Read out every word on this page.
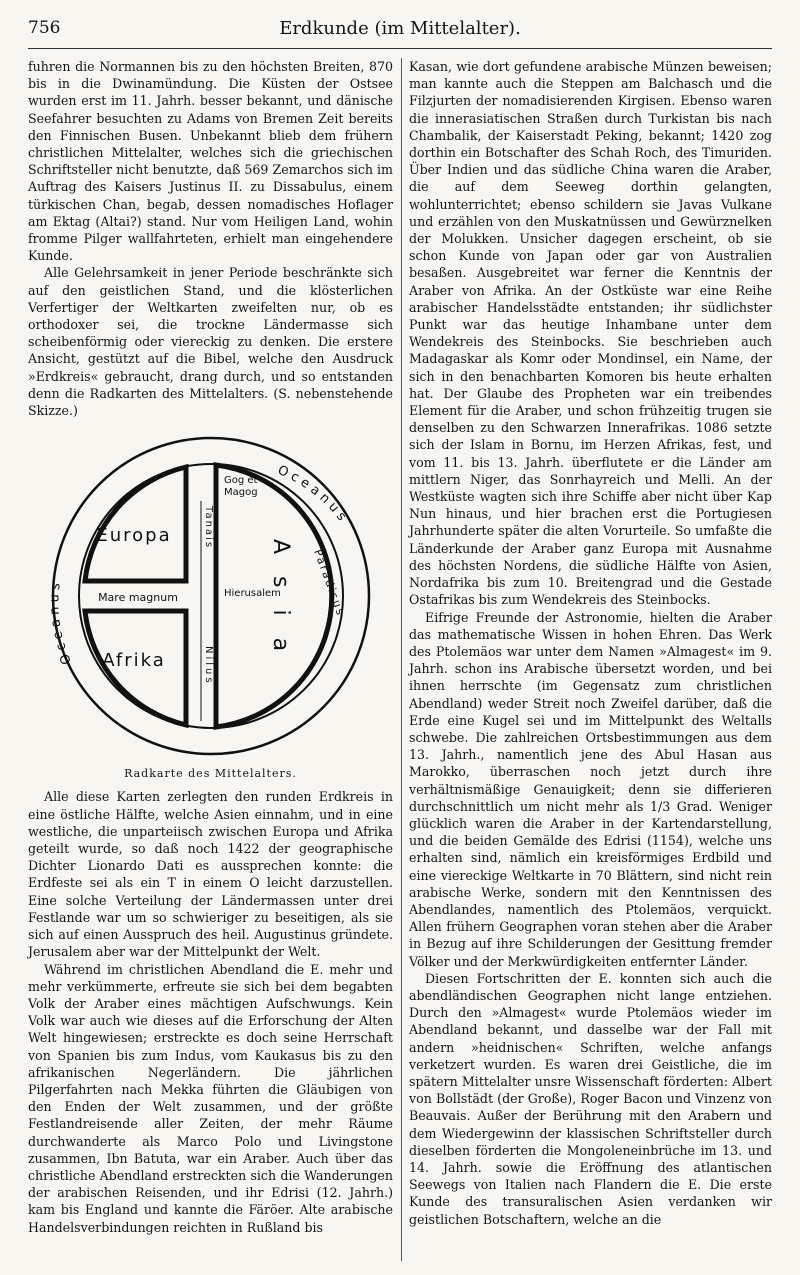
756	Erdkunde (im Mittelalter).

fuhren die Normannen bis zu den höchsten Breiten, 870 bis in die Dwinamündung. Die Küsten der Ostsee wurden erst im 11. Jahrh. besser bekannt, und dänische Seefahrer besuchten zu Adams von Bremen Zeit bereits den Finnischen Busen. Unbekannt blieb dem frühern christlichen Mittelalter, welches sich die griechischen Schriftsteller nicht benutzte, daß 569 Zemarchos sich im Auftrag des Kaisers Justinus II. zu Dissabulus, einem türkischen Chan, begab, dessen nomadisches Hoflager am Ektag (Altai?) stand. Nur vom Heiligen Land, wohin fromme Pilger wallfahrteten, erhielt man eingehendere Kunde.

Alle Gelehrsamkeit in jener Periode beschränkte sich auf den geistlichen Stand, und die klösterlichen Verfertiger der Weltkarten zweifelten nur, ob es orthodoxer sei, die trockne Ländermasse sich scheibenförmig oder viereckig zu denken. Die erstere Ansicht, gestützt auf die Bibel, welche den Ausdruck »Erdkreis« gebraucht, drang durch, und so entstanden denn die Radkarten des Mittelalters. (S. nebenstehende Skizze.)

Oceanus
Oceanus
Europa
Afrika
Mare magnum
Gog et
Magog
Hierusalem
Asia Paradisus
Tanais
Nilus
Radkarte des Mittelalters.

Alle diese Karten zerlegten den runden Erdkreis in eine östliche Hälfte, welche Asien einnahm, und in eine westliche, die unparteiisch zwischen Europa und Afrika geteilt wurde, so daß noch 1422 der geographische Dichter Lionardo Dati es aussprechen konnte: die Erdfeste sei als ein T in einem O leicht darzustellen. Eine solche Verteilung der Ländermassen unter drei Festlande war um so schwieriger zu beseitigen, als sie sich auf einen Ausspruch des heil. Augustinus gründete. Jerusalem aber war der Mittelpunkt der Welt.

Während im christlichen Abendland die E. mehr und mehr verkümmerte, erfreute sie sich bei dem begabten Volk der Araber eines mächtigen Aufschwungs. Kein Volk war auch wie dieses auf die Erforschung der Alten Welt hingewiesen; erstreckte es doch seine Herrschaft von Spanien bis zum Indus, vom Kaukasus bis zu den afrikanischen Negerländern. Die jährlichen Pilgerfahrten nach Mekka führten die Gläubigen von den Enden der Welt zusammen, und der größte Festlandreisende aller Zeiten, der mehr Räume durchwanderte als Marco Polo und Livingstone zusammen, Ibn Batuta, war ein Araber. Auch über das christliche Abendland erstreckten sich die Wanderungen der arabischen Reisenden, und ihr Edrisi (12. Jahrh.) kam bis England und kannte die Färöer. Alte arabische Handelsverbindungen reichten in Rußland bis

Kasan, wie dort gefundene arabische Münzen beweisen; man kannte auch die Steppen am Balchasch und die Filzjurten der nomadisierenden Kirgisen. Ebenso waren die innerasiatischen Straßen durch Turkistan bis nach Chambalik, der Kaiserstadt Peking, bekannt; 1420 zog dorthin ein Botschafter des Schah Roch, des Timuriden. Über Indien und das südliche China waren die Araber, die auf dem Seeweg dorthin gelangten, wohlunterrichtet; ebenso schildern sie Javas Vulkane und erzählen von den Muskatnüssen und Gewürznelken der Molukken. Unsicher dagegen erscheint, ob sie schon Kunde von Japan oder gar von Australien besaßen. Ausgebreitet war ferner die Kenntnis der Araber von Afrika. An der Ostküste war eine Reihe arabischer Handelsstädte entstanden; ihr südlichster Punkt war das heutige Inhambane unter dem Wendekreis des Steinbocks. Sie beschrieben auch Madagaskar als Komr oder Mondinsel, ein Name, der sich in den benachbarten Komoren bis heute erhalten hat. Der Glaube des Propheten war ein treibendes Element für die Araber, und schon frühzeitig trugen sie denselben zu den Schwarzen Innerafrikas. 1086 setzte sich der Islam in Bornu, im Herzen Afrikas, fest, und vom 11. bis 13. Jahrh. überflutete er die Länder am mittlern Niger, das Sonrhayreich und Melli. An der Westküste wagten sich ihre Schiffe aber nicht über Kap Nun hinaus, und hier brachen erst die Portugiesen Jahrhunderte später die alten Vorurteile. So umfaßte die Länderkunde der Araber ganz Europa mit Ausnahme des höchsten Nordens, die südliche Hälfte von Asien, Nordafrika bis zum 10. Breitengrad und die Gestade Ostafrikas bis zum Wendekreis des Steinbocks.

Eifrige Freunde der Astronomie, hielten die Araber das mathematische Wissen in hohen Ehren. Das Werk des Ptolemäos war unter dem Namen »Almagest« im 9. Jahrh. schon ins Arabische übersetzt worden, und bei ihnen herrschte (im Gegensatz zum christlichen Abendland) weder Streit noch Zweifel darüber, daß die Erde eine Kugel sei und im Mittelpunkt des Weltalls schwebe. Die zahlreichen Ortsbestimmungen aus dem 13. Jahrh., namentlich jene des Abul Hasan aus Marokko, überraschen noch jetzt durch ihre verhältnismäßige Genauigkeit; denn sie differieren durchschnittlich um nicht mehr als 1/3 Grad. Weniger glücklich waren die Araber in der Kartendarstellung, und die beiden Gemälde des Edrisi (1154), welche uns erhalten sind, nämlich ein kreisförmiges Erdbild und eine viereckige Weltkarte in 70 Blättern, sind nicht rein arabische Werke, sondern mit den Kenntnissen des Abendlandes, namentlich des Ptolemäos, verquickt. Allen frühern Geographen voran stehen aber die Araber in Bezug auf ihre Schilderungen der Gesittung fremder Völker und der Merkwürdigkeiten entfernter Länder.

Diesen Fortschritten der E. konnten sich auch die abendländischen Geographen nicht lange entziehen. Durch den »Almagest« wurde Ptolemäos wieder im Abendland bekannt, und dasselbe war der Fall mit andern »heidnischen« Schriften, welche anfangs verketzert wurden. Es waren drei Geistliche, die im spätern Mittelalter unsre Wissenschaft förderten: Albert von Bollstädt (der Große), Roger Bacon und Vinzenz von Beauvais. Außer der Berührung mit den Arabern und dem Wiedergewinn der klassischen Schriftsteller durch dieselben förderten die Mongoleneinbrüche im 13. und 14. Jahrh. sowie die Eröffnung des atlantischen Seewegs von Italien nach Flandern die E. Die erste Kunde des transuralischen Asien verdanken wir geistlichen Botschaftern, welche an die
